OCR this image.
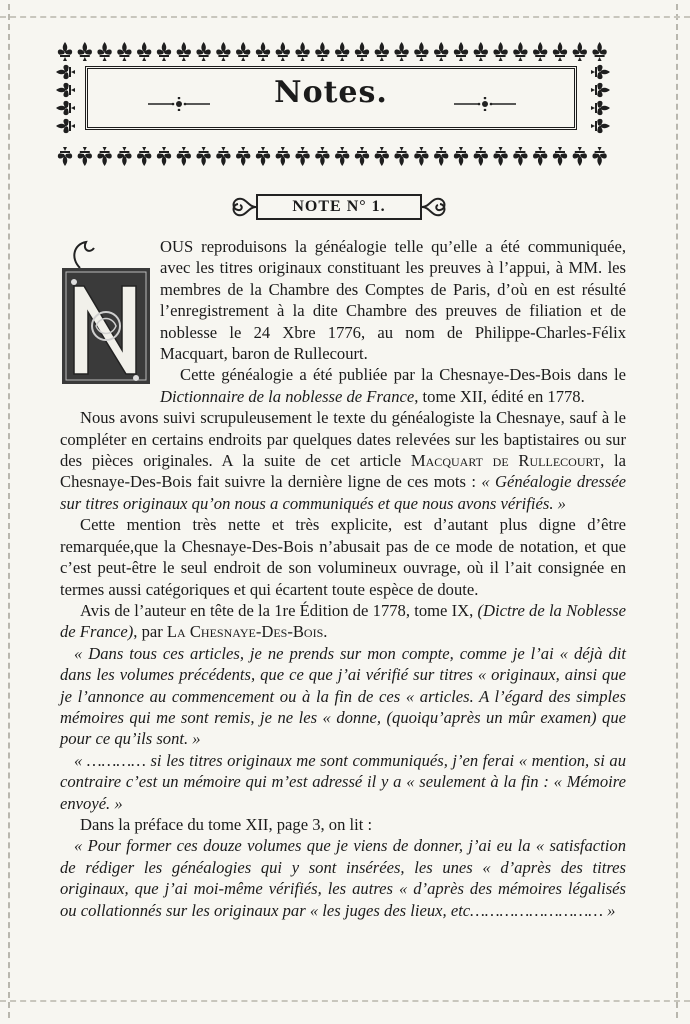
Notes.
NOTE N° 1.

OUS reproduisons la généalogie telle qu’elle a été communiquée, avec les titres originaux constituant les preuves à l’appui, à MM. les membres de la Chambre des Comptes de Paris, d’où en est résulté l’enregistrement à la dite Chambre des preuves de filiation et de noblesse le 24 Xbre 1776, au nom de Philippe-Charles-Félix Macquart, baron de Rullecourt.

Cette généalogie a été publiée par la Chesnaye-Des-Bois dans le Dictionnaire de la noblesse de France, tome XII, édité en 1778.

Nous avons suivi scrupuleusement le texte du généalogiste la Chesnaye, sauf à le compléter en certains endroits par quelques dates relevées sur les baptistaires ou sur des pièces originales. A la suite de cet article Macquart de Rullecourt, la Chesnaye-Des-Bois fait suivre la dernière ligne de ces mots : « Généalogie dressée sur titres originaux qu’on nous a communiqués et que nous avons vérifiés. »

Cette mention très nette et très explicite, est d’autant plus digne d’être remarquée,que la Chesnaye-Des-Bois n’abusait pas de ce mode de notation, et que c’est peut-être le seul endroit de son volumineux ouvrage, où il l’ait consignée en termes aussi catégoriques et qui écartent toute espèce de doute.

Avis de l’auteur en tête de la 1re Édition de 1778, tome IX, (Dictre de la Noblesse de France), par La Chesnaye-Des-Bois.

« Dans tous ces articles, je ne prends sur mon compte, comme je l’ai « déjà dit dans les volumes précédents, que ce que j’ai vérifié sur titres « originaux, ainsi que je l’annonce au commencement ou à la fin de ces « articles. A l’égard des simples mémoires qui me sont remis, je ne les « donne, (quoiqu’après un mûr examen) que pour ce qu’ils sont. »

« ………… si les titres originaux me sont communiqués, j’en ferai « mention, si au contraire c’est un mémoire qui m’est adressé il y a « seulement à la fin : « Mémoire envoyé. »

Dans la préface du tome XII, page 3, on lit :

« Pour former ces douze volumes que je viens de donner, j’ai eu la « satisfaction de rédiger les généalogies qui y sont insérées, les unes « d’après des titres originaux, que j’ai moi-même vérifiés, les autres « d’après des mémoires légalisés ou collationnés sur les originaux par « les juges des lieux, etc……………………… »
